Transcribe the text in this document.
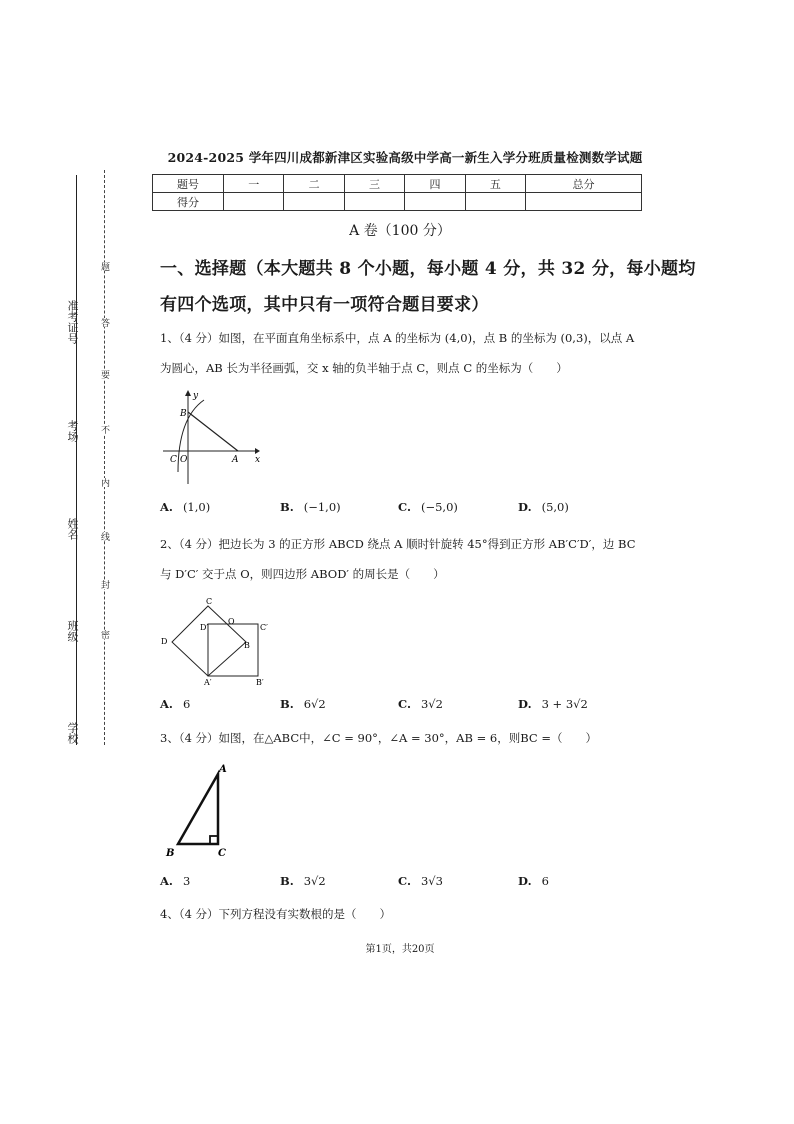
准考证号
考场
姓名
班级
学校
题
答
要
不
内
线
封
密
2024-2025 学年四川成都新津区实验高级中学高一新生入学分班质量检测数学试题
题号	一	二	三	四	五	总分
得分						
A 卷（100 分）
一、选择题（本大题共 8 个小题，每小题 4 分，共 32 分，每小题均
有四个选项，其中只有一项符合题目要求）
1、（4 分）如图，在平面直角坐标系中，点 A 的坐标为 (4,0)，点 B 的坐标为 (0,3)，以点 A
为圆心，AB 长为半径画弧，交 x 轴的负半轴于点 C，则点 C 的坐标为（　　）
y
x
B
C O	A
A. (1,0)	B. (−1,0)	C. (−5,0)	D. (5,0)
2、（4 分）把边长为 3 的正方形 ABCD 绕点 A 顺时针旋转 45°得到正方形 AB′C′D′，边 BC
与 D′C′ 交于点 O，则四边形 ABOD′ 的周长是（　　）
C
D′
O
C′
D	B
A′	B′
A. 6	B. 6√2	C. 3√2	D. 3 + 3√2
3、（4 分）如图，在△ABC中，∠C = 90°，∠A = 30°，AB = 6，则BC =（　　）
A
B	C
A. 3	B. 3√2	C. 3√3	D. 6
4、（4 分）下列方程没有实数根的是（　　）
第1页，共20页
